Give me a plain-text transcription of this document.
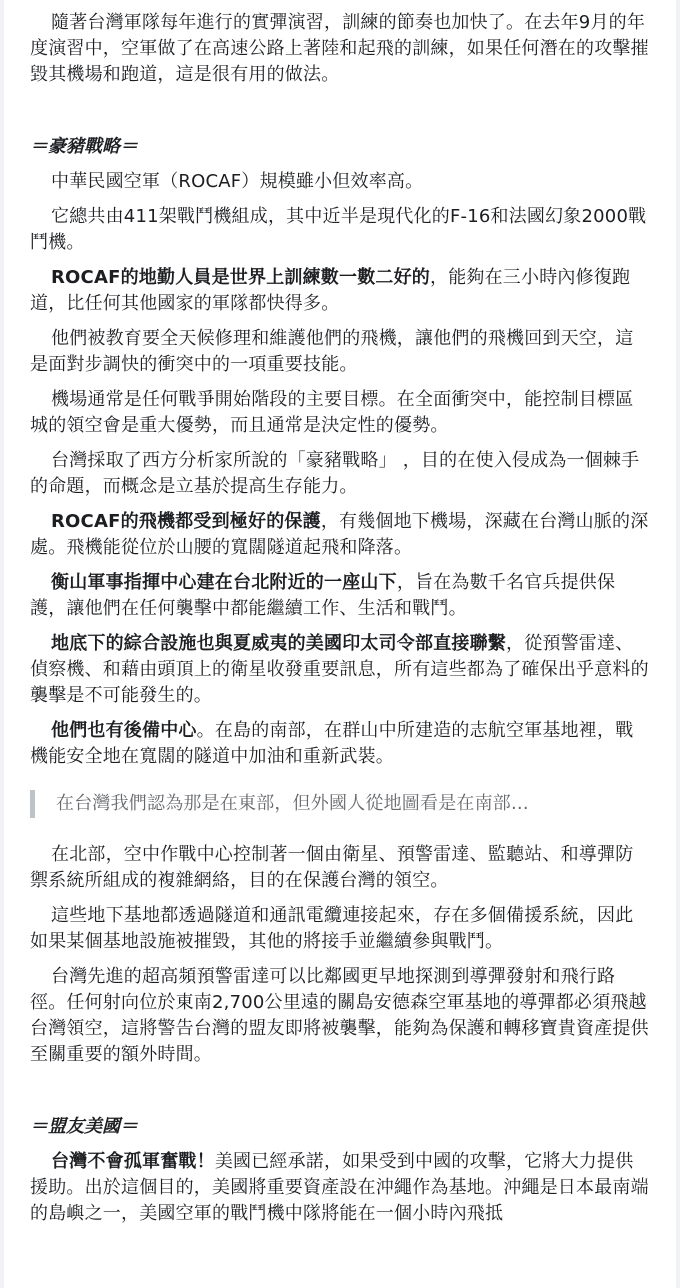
隨著台灣軍隊每年進行的實彈演習，訓練的節奏也加快了。在去年9月的年度演習中，空軍做了在高速公路上著陸和起飛的訓練，如果任何潛在的攻擊摧毀其機場和跑道，這是很有用的做法。

＝豪豬戰略＝

中華民國空軍（ROCAF）規模雖小但效率高。

它總共由411架戰鬥機組成，其中近半是現代化的F-16和法國幻象2000戰鬥機。

ROCAF的地勤人員是世界上訓練數一數二好的，能夠在三小時內修復跑道，比任何其他國家的軍隊都快得多。

他們被教育要全天候修理和維護他們的飛機，讓他們的飛機回到天空，這是面對步調快的衝突中的一項重要技能。

機場通常是任何戰爭開始階段的主要目標。在全面衝突中，能控制目標區城的領空會是重大優勢，而且通常是決定性的優勢。

台灣採取了西方分析家所說的「豪豬戰略」 ，目的在使入侵成為一個棘手的命題，而概念是立基於提高生存能力。

ROCAF的飛機都受到極好的保護，有幾個地下機場，深藏在台灣山脈的深處。飛機能從位於山腰的寬闊隧道起飛和降落。

衡山軍事指揮中心建在台北附近的一座山下，旨在為數千名官兵提供保護，讓他們在任何襲擊中都能繼續工作、生活和戰鬥。

地底下的綜合設施也與夏威夷的美國印太司令部直接聯繫，從預警雷達、偵察機、和藉由頭頂上的衛星收發重要訊息，所有這些都為了確保出乎意料的襲擊是不可能發生的。

他們也有後備中心。在島的南部，在群山中所建造的志航空軍基地裡，戰機能安全地在寬闊的隧道中加油和重新武裝。

在台灣我們認為那是在東部，但外國人從地圖看是在南部...

在北部，空中作戰中心控制著一個由衛星、預警雷達、監聽站、和導彈防禦系統所組成的複雜網絡，目的在保護台灣的領空。

這些地下基地都透過隧道和通訊電纜連接起來，存在多個備援系統，因此如果某個基地設施被摧毀，其他的將接手並繼續參與戰鬥。

台灣先進的超高頻預警雷達可以比鄰國更早地探測到導彈發射和飛行路徑。任何射向位於東南2,700公里遠的關島安德森空軍基地的導彈都必須飛越台灣領空，這將警告台灣的盟友即將被襲擊，能夠為保護和轉移寶貴資產提供至關重要的額外時間。

＝盟友美國＝

台灣不會孤軍奮戰！美國已經承諾，如果受到中國的攻擊，它將大力提供援助。出於這個目的，美國將重要資產設在沖繩作為基地。沖繩是日本最南端的島嶼之一，美國空軍的戰鬥機中隊將能在一個小時內飛抵
